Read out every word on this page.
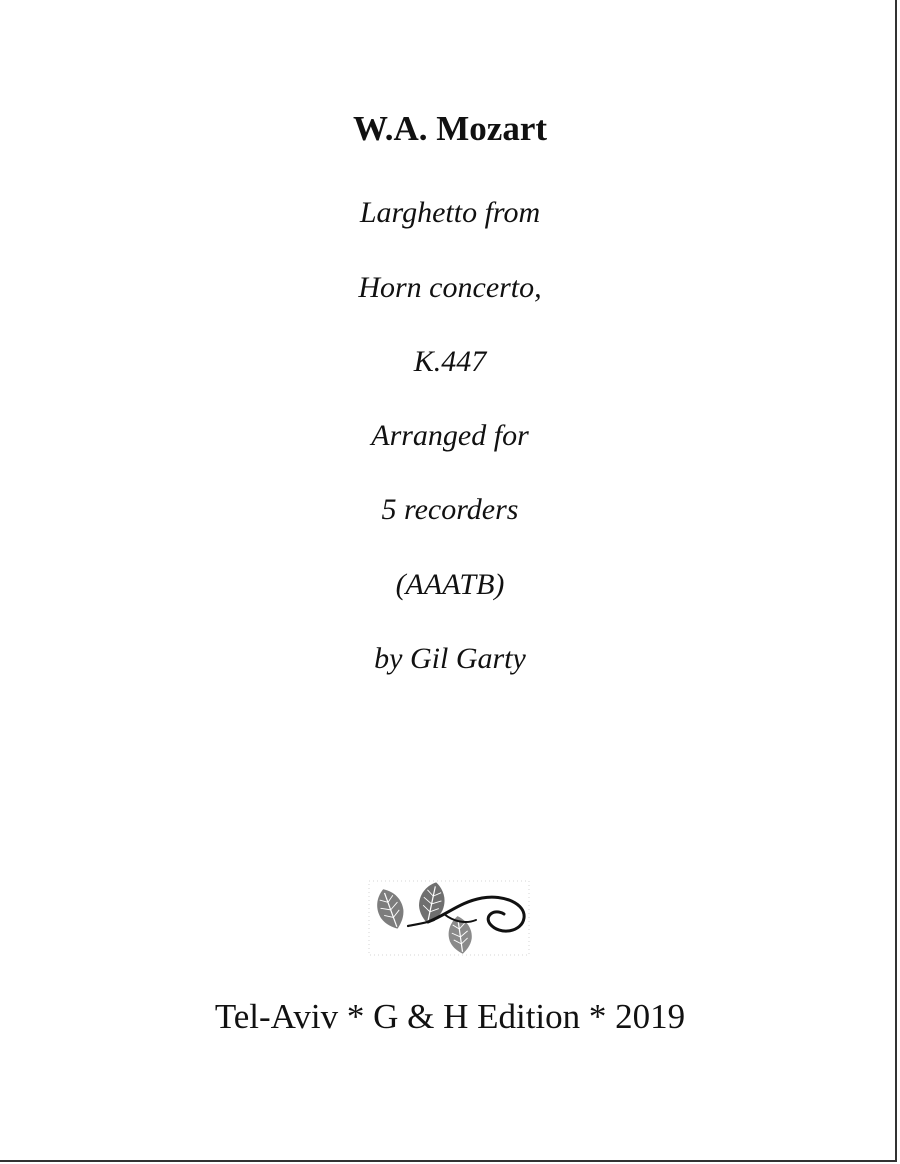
W.A. Mozart
Larghetto from
Horn concerto,
K.447
Arranged for
5 recorders
(AAATB)
by Gil Garty
Tel-Aviv * G & H Edition * 2019
